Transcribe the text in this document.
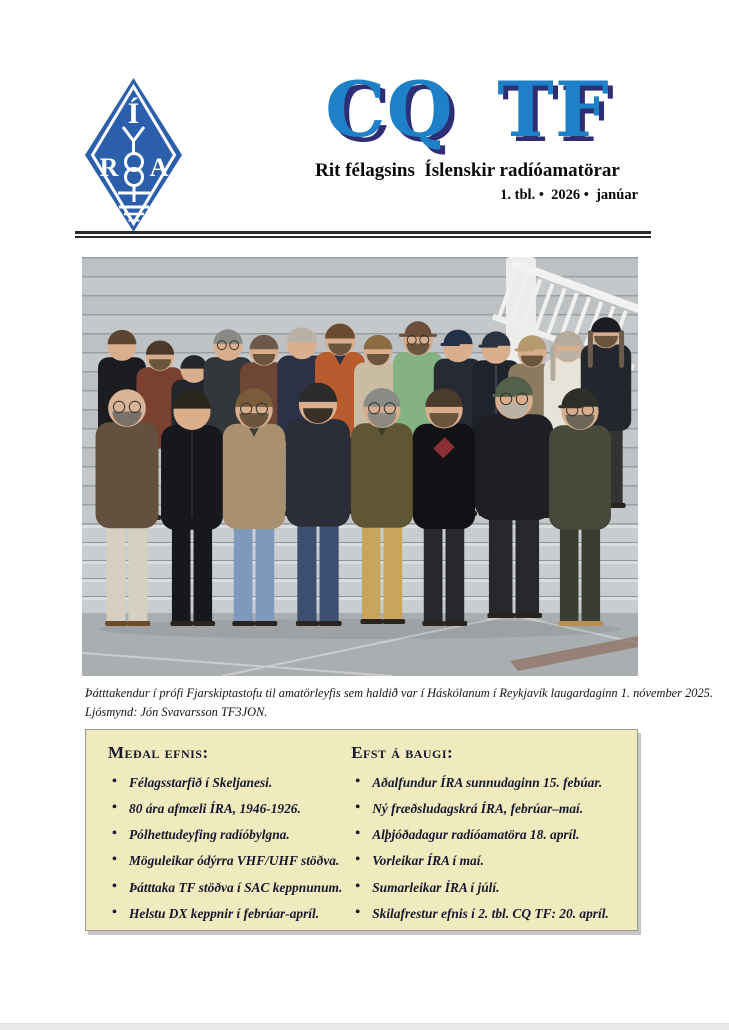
Í
R A
CQ TF
Rit félagsins  Íslenskir radíóamatörar
1. tbl. •  2026 •  janúar
Þátttakendur í prófi Fjarskiptastofu til amatörleyfis sem haldið var í Háskólanum í Reykjavík laugardaginn 1. nóvember 2025.
Ljósmynd: Jón Svavarsson TF3JON.
Meðal efnis:
• Félagsstarfið í Skeljanesi.
• 80 ára afmæli ÍRA, 1946-1926.
• Pólhettudeyfing radíóbylgna.
• Möguleikar ódýrra VHF/UHF stöðva.
• Þátttaka TF stöðva í SAC keppnunum.
• Helstu DX keppnir í febrúar-apríl.
Efst á baugi:
• Aðalfundur ÍRA sunnudaginn 15. febúar.
• Ný fræðsludagskrá ÍRA, febrúar–maí.
• Alþjóðadagur radíóamatöra 18. apríl.
• Vorleikar ÍRA í maí.
• Sumarleikar ÍRA í júlí.
• Skilafrestur efnis í 2. tbl. CQ TF: 20. apríl.
